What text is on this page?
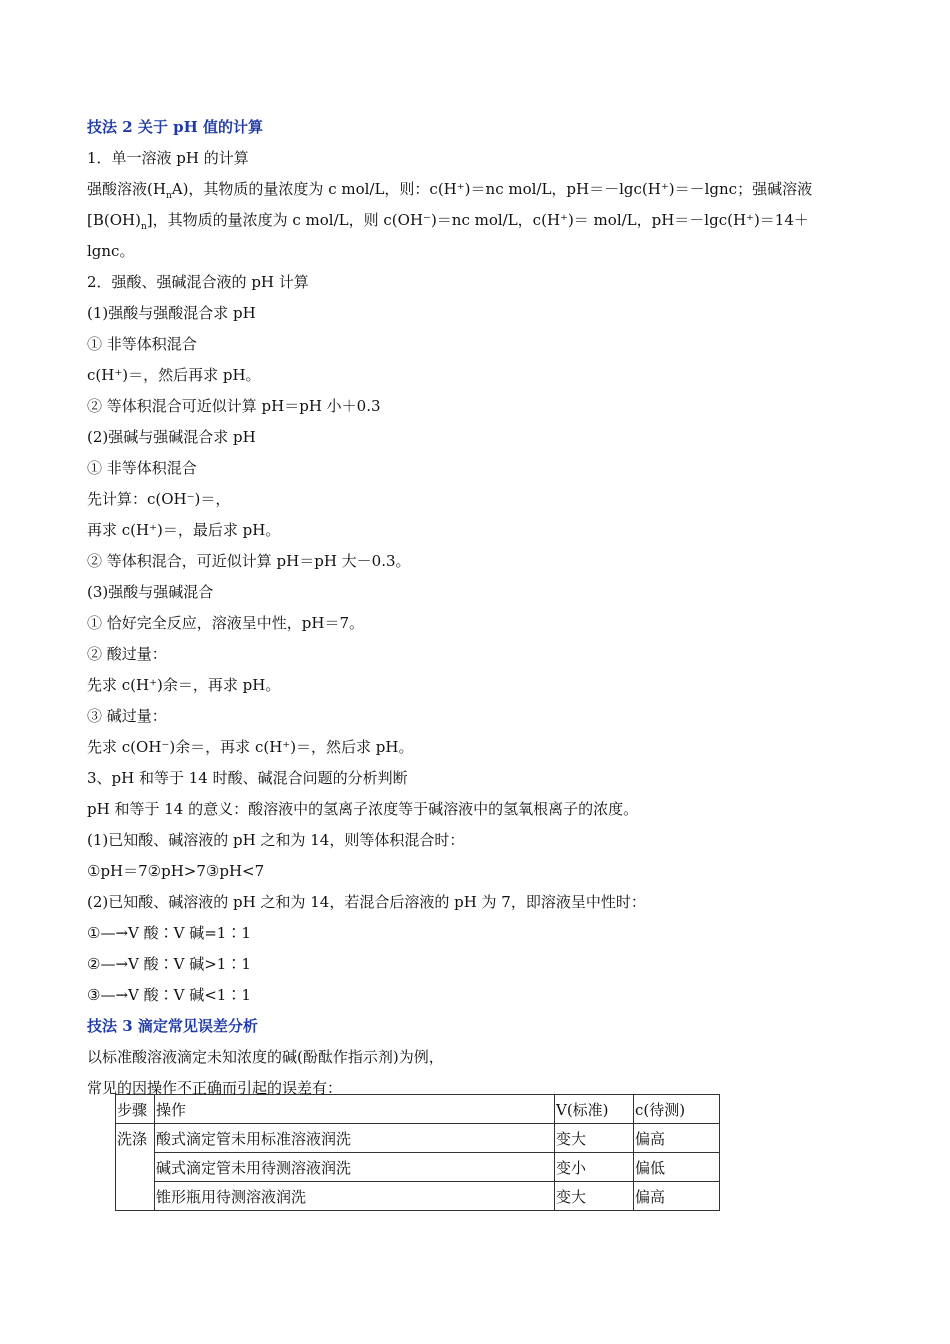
技法 2 关于 pH 值的计算
1．单一溶液 pH 的计算
强酸溶液$(H_nA)$，其物质的量浓度为 c mol/L，则：c(H⁺)＝nc mol/L，pH＝－lgc(H⁺)＝－lgnc；强碱溶液
$[B(OH)_n]$，其物质的量浓度为 c mol/L，则 c(OH⁻)＝nc mol/L，c(H⁺)＝ mol/L，pH＝－lgc(H⁺)＝14＋
lgnc。
2．强酸、强碱混合液的 pH 计算
(1)强酸与强酸混合求 pH
① 非等体积混合
c(H⁺)＝，然后再求 pH。
② 等体积混合可近似计算 pH＝pH 小＋0.3
(2)强碱与强碱混合求 pH
① 非等体积混合
先计算：c(OH⁻)＝，
再求 c(H⁺)＝，最后求 pH。
② 等体积混合，可近似计算 pH＝pH 大－0.3。
(3)强酸与强碱混合
① 恰好完全反应，溶液呈中性，pH＝7。
② 酸过量：
先求 c(H⁺)余＝，再求 pH。
③ 碱过量：
先求 c(OH⁻)余＝，再求 c(H⁺)＝，然后求 pH。
3、pH 和等于 14 时酸、碱混合问题的分析判断
pH 和等于 14 的意义：酸溶液中的氢离子浓度等于碱溶液中的氢氧根离子的浓度。
(1)已知酸、碱溶液的 pH 之和为 14，则等体积混合时：
①pH＝7②pH>7③pH<7
(2)已知酸、碱溶液的 pH 之和为 14，若混合后溶液的 pH 为 7，即溶液呈中性时：
①—→V 酸∶V 碱=1∶1
②—→V 酸∶V 碱>1∶1
③—→V 酸∶V 碱<1∶1
技法 3 滴定常见误差分析
以标准酸溶液滴定未知浓度的碱(酚酞作指示剂)为例，
常见的因操作不正确而引起的误差有：
步骤	操作	V(标准)	c(待测)
洗涤	酸式滴定管未用标准溶液润洗	变大	偏高
	碱式滴定管未用待测溶液润洗	变小	偏低
	锥形瓶用待测溶液润洗	变大	偏高
